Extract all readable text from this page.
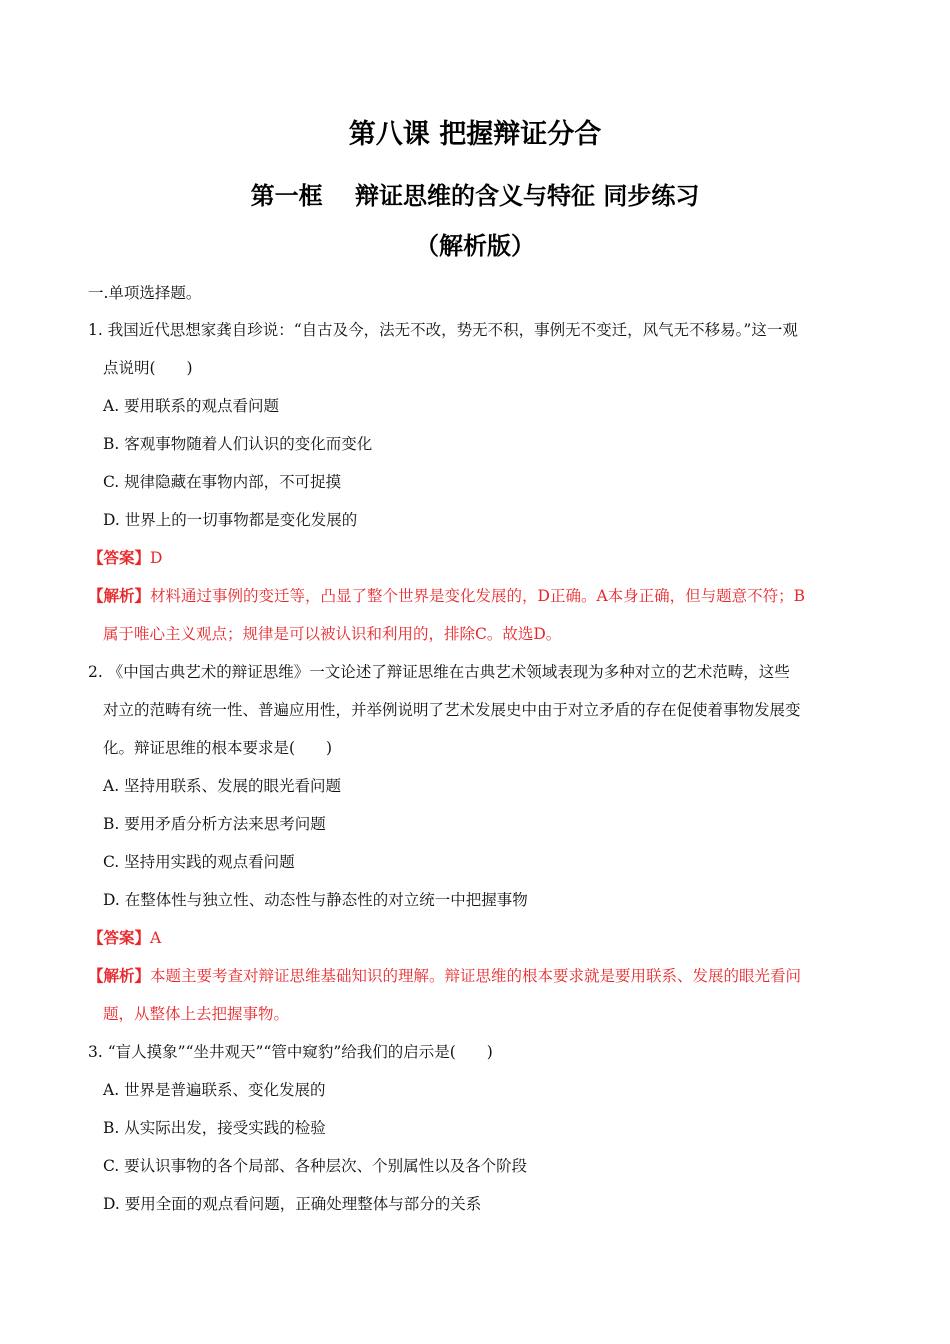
第八课 把握辩证分合
第一框　 辩证思维的含义与特征 同步练习
（解析版）
一.单项选择题。
1. 我国近代思想家龚自珍说：“自古及今，法无不改，势无不积，事例无不变迁，风气无不移易。”这一观
点说明(　　)
A. 要用联系的观点看问题
B. 客观事物随着人们认识的变化而变化
C. 规律隐藏在事物内部，不可捉摸
D. 世界上的一切事物都是变化发展的
【答案】D
【解析】材料通过事例的变迁等，凸显了整个世界是变化发展的，D正确。A本身正确，但与题意不符；B
属于唯心主义观点；规律是可以被认识和利用的，排除C。故选D。
2. 《中国古典艺术的辩证思维》一文论述了辩证思维在古典艺术领域表现为多种对立的艺术范畴，这些
对立的范畴有统一性、普遍应用性，并举例说明了艺术发展史中由于对立矛盾的存在促使着事物发展变
化。辩证思维的根本要求是(　　)
A. 坚持用联系、发展的眼光看问题
B. 要用矛盾分析方法来思考问题
C. 坚持用实践的观点看问题
D. 在整体性与独立性、动态性与静态性的对立统一中把握事物
【答案】A
【解析】本题主要考查对辩证思维基础知识的理解。辩证思维的根本要求就是要用联系、发展的眼光看问
题，从整体上去把握事物。
3. “盲人摸象”“坐井观天”“管中窥豹”给我们的启示是(　　)
A. 世界是普遍联系、变化发展的
B. 从实际出发，接受实践的检验
C. 要认识事物的各个局部、各种层次、个别属性以及各个阶段
D. 要用全面的观点看问题，正确处理整体与部分的关系
